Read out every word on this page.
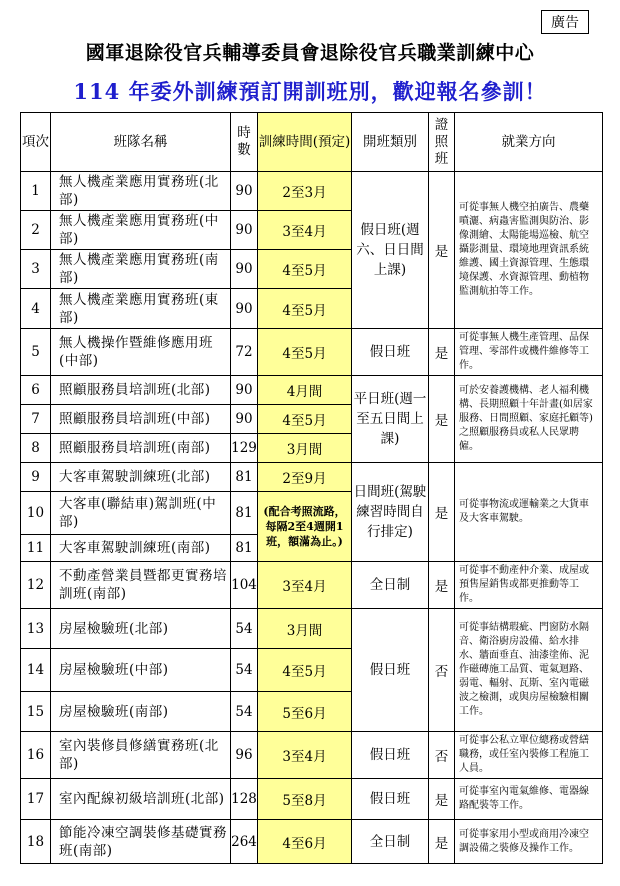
廣告
國軍退除役官兵輔導委員會退除役官兵職業訓練中心
114 年委外訓練預訂開訓班別，歡迎報名參訓！
項次	班隊名稱	時數	訓練時間(預定)	開班類別	證照班	就業方向
1	無人機產業應用實務班(北部)	90	2至3月	假日班(週六、日日間上課)	是	可從事無人機空拍廣告、農藥噴灑、病蟲害監測與防治、影像測繪、太陽能場巡檢、航空攝影測量、環境地理資訊系統維護、國土資源管理、生態環境保護、水資源管理、動植物監測航拍等工作。
2	無人機產業應用實務班(中部)	90	3至4月			
3	無人機產業應用實務班(南部)	90	4至5月			
4	無人機產業應用實務班(東部)	90	4至5月			
5	無人機操作暨維修應用班(中部)	72	4至5月	假日班	是	可從事無人機生產管理、品保管理、零部件或機件維修等工作。
6	照顧服務員培訓班(北部)	90	4月間	平日班(週一至五日間上課)	是	可於安養護機構、老人福利機構、長期照顧十年計畫(如居家服務、日間照顧、家庭托顧等)之照顧服務員或私人民眾聘僱。
7	照顧服務員培訓班(中部)	90	4至5月			
8	照顧服務員培訓班(南部)	129	3月間			
9	大客車駕駛訓練班(北部)	81	2至9月	日間班(駕駛練習時間自行排定)	是	可從事物流或運輸業之大貨車及大客車駕駛。
10	大客車(聯結車)駕訓班(中部)	81	(配合考照流路，每隔2至4週開1班，額滿為止。)			
11	大客車駕駛訓練班(南部)	81				
12	不動產營業員暨都更實務培訓班(南部)	104	3至4月	全日制	是	可從事不動產仲介業、成屋或預售屋銷售或都更推動等工作。
13	房屋檢驗班(北部)	54	3月間	假日班	否	可從事結構瑕疵、門窗防水隔音、衛浴廚房設備、給水排水、牆面垂直、油漆塗佈、泥作磁磚施工品質、電氣迴路、弱電、輻射、瓦斯、室內電磁波之檢測，或與房屋檢驗相關工作。
14	房屋檢驗班(中部)	54	4至5月			
15	房屋檢驗班(南部)	54	5至6月			
16	室內裝修員修繕實務班(北部)	96	3至4月	假日班	否	可從事公私立單位總務或營繕職務，或任室內裝修工程施工人員。
17	室內配線初級培訓班(北部)	128	5至8月	假日班	是	可從事室內電氣維修、電器線路配裝等工作。
18	節能冷凍空調裝修基礎實務班(南部)	264	4至6月	全日制	是	可從事家用小型或商用冷凍空調設備之裝修及操作工作。
